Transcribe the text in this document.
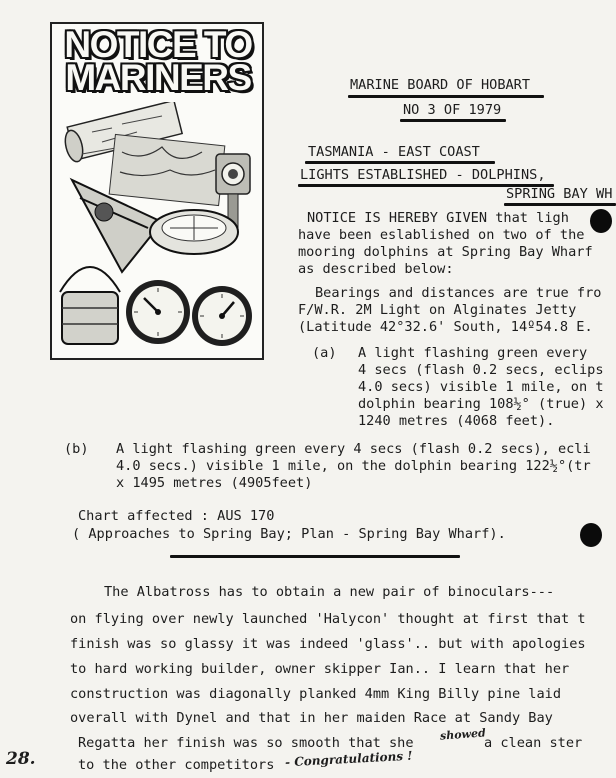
NOTICE TO
MARINERS	MARINE BOARD OF HOBART
NO 3 OF 1979
TASMANIA - EAST COAST
LIGHTS ESTABLISHED - DOLPHINS,
SPRING BAY WH
NOTICE IS HEREBY GIVEN that ligh
have been eslablished on two of the
mooring dolphins at Spring Bay Wharf
as described below:
Bearings and distances are true fro
F/W.R. 2M Light on Alginates Jetty
(Latitude 42°32.6' South, 14º54.8 E.
(a) A light flashing green every
4 secs (flash 0.2 secs, eclips
4.0 secs) visible 1 mile, on t
dolphin bearing 108½° (true) x
1240 metres (4068 feet).
(b) A light flashing green every 4 secs (flash 0.2 secs), ecli
4.0 secs.) visible 1 mile, on the dolphin bearing 122½°(tr
x 1495 metres (4905feet)
Chart affected : AUS 170
( Approaches to Spring Bay; Plan - Spring Bay Wharf).
The Albatross has to obtain a new pair of binoculars---
on flying over newly launched 'Halycon' thought at first that t
finish was so glassy it was indeed 'glass'.. but with apologies
to hard working builder, owner skipper Ian.. I learn that her
construction was diagonally planked 4mm King Billy pine laid
overall with Dynel and that in her maiden Race at Sandy Bay
Regatta her finish was so smooth that she
showed
a clean ster
to the other competitors - Congratulations !
28.
